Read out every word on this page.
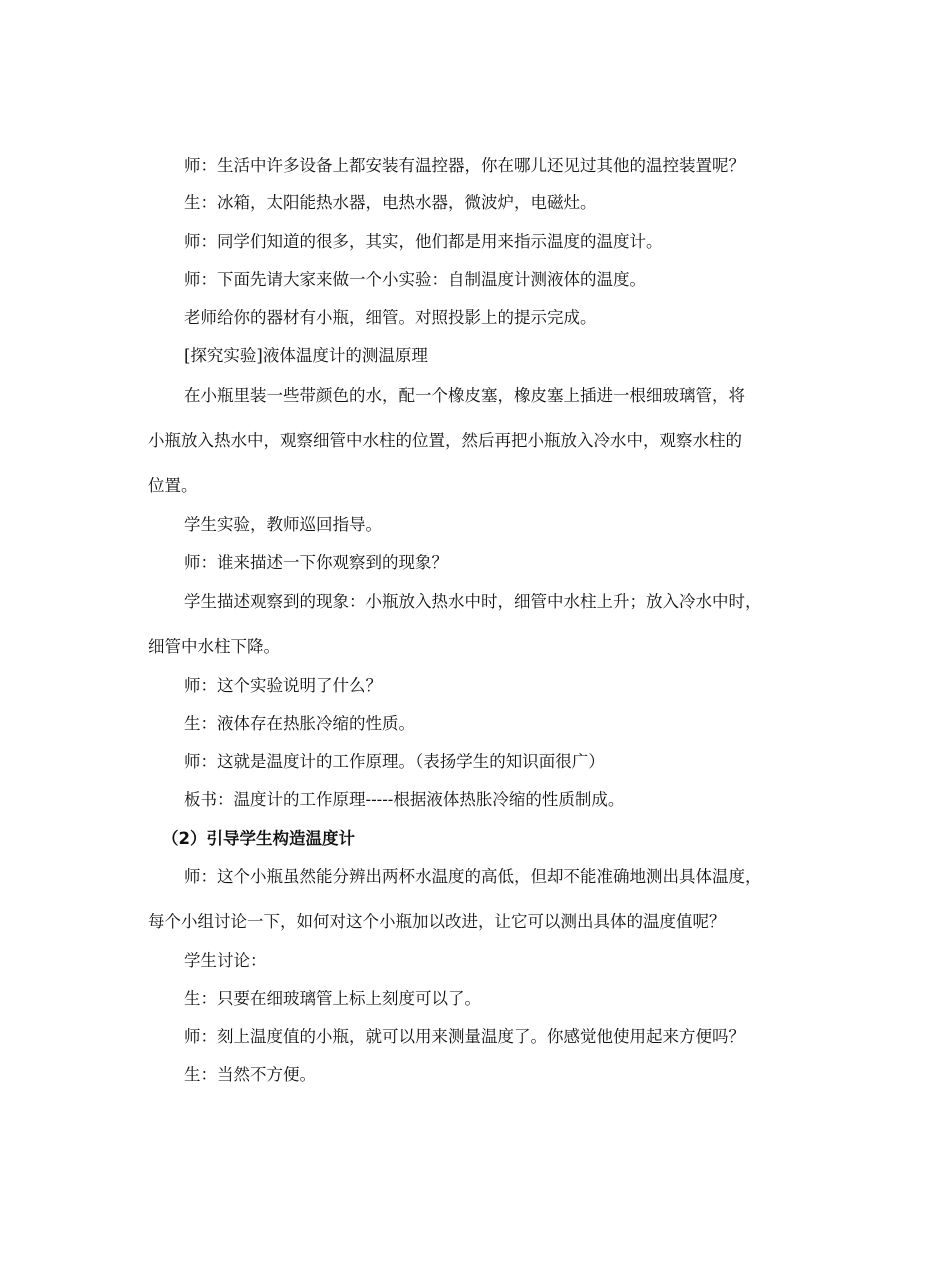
师：生活中许多设备上都安装有温控器，你在哪儿还见过其他的温控装置呢？
生：冰箱，太阳能热水器，电热水器，微波炉，电磁灶。
师：同学们知道的很多，其实，他们都是用来指示温度的温度计。
师：下面先请大家来做一个小实验：自制温度计测液体的温度。
老师给你的器材有小瓶，细管。对照投影上的提示完成。
[探究实验]液体温度计的测温原理
在小瓶里装一些带颜色的水，配一个橡皮塞，橡皮塞上插进一根细玻璃管，将
小瓶放入热水中，观察细管中水柱的位置，然后再把小瓶放入冷水中，观察水柱的
位置。
学生实验，教师巡回指导。
师：谁来描述一下你观察到的现象？
学生描述观察到的现象：小瓶放入热水中时，细管中水柱上升；放入冷水中时，
细管中水柱下降。
师：这个实验说明了什么？
生：液体存在热胀冷缩的性质。
师：这就是温度计的工作原理。（表扬学生的知识面很广）
板书：温度计的工作原理-----根据液体热胀冷缩的性质制成。
（2）引导学生构造温度计
师：这个小瓶虽然能分辨出两杯水温度的高低，但却不能准确地测出具体温度，
每个小组讨论一下，如何对这个小瓶加以改进，让它可以测出具体的温度值呢？
学生讨论：
生：只要在细玻璃管上标上刻度可以了。
师：刻上温度值的小瓶，就可以用来测量温度了。你感觉他使用起来方便吗？
生：当然不方便。
